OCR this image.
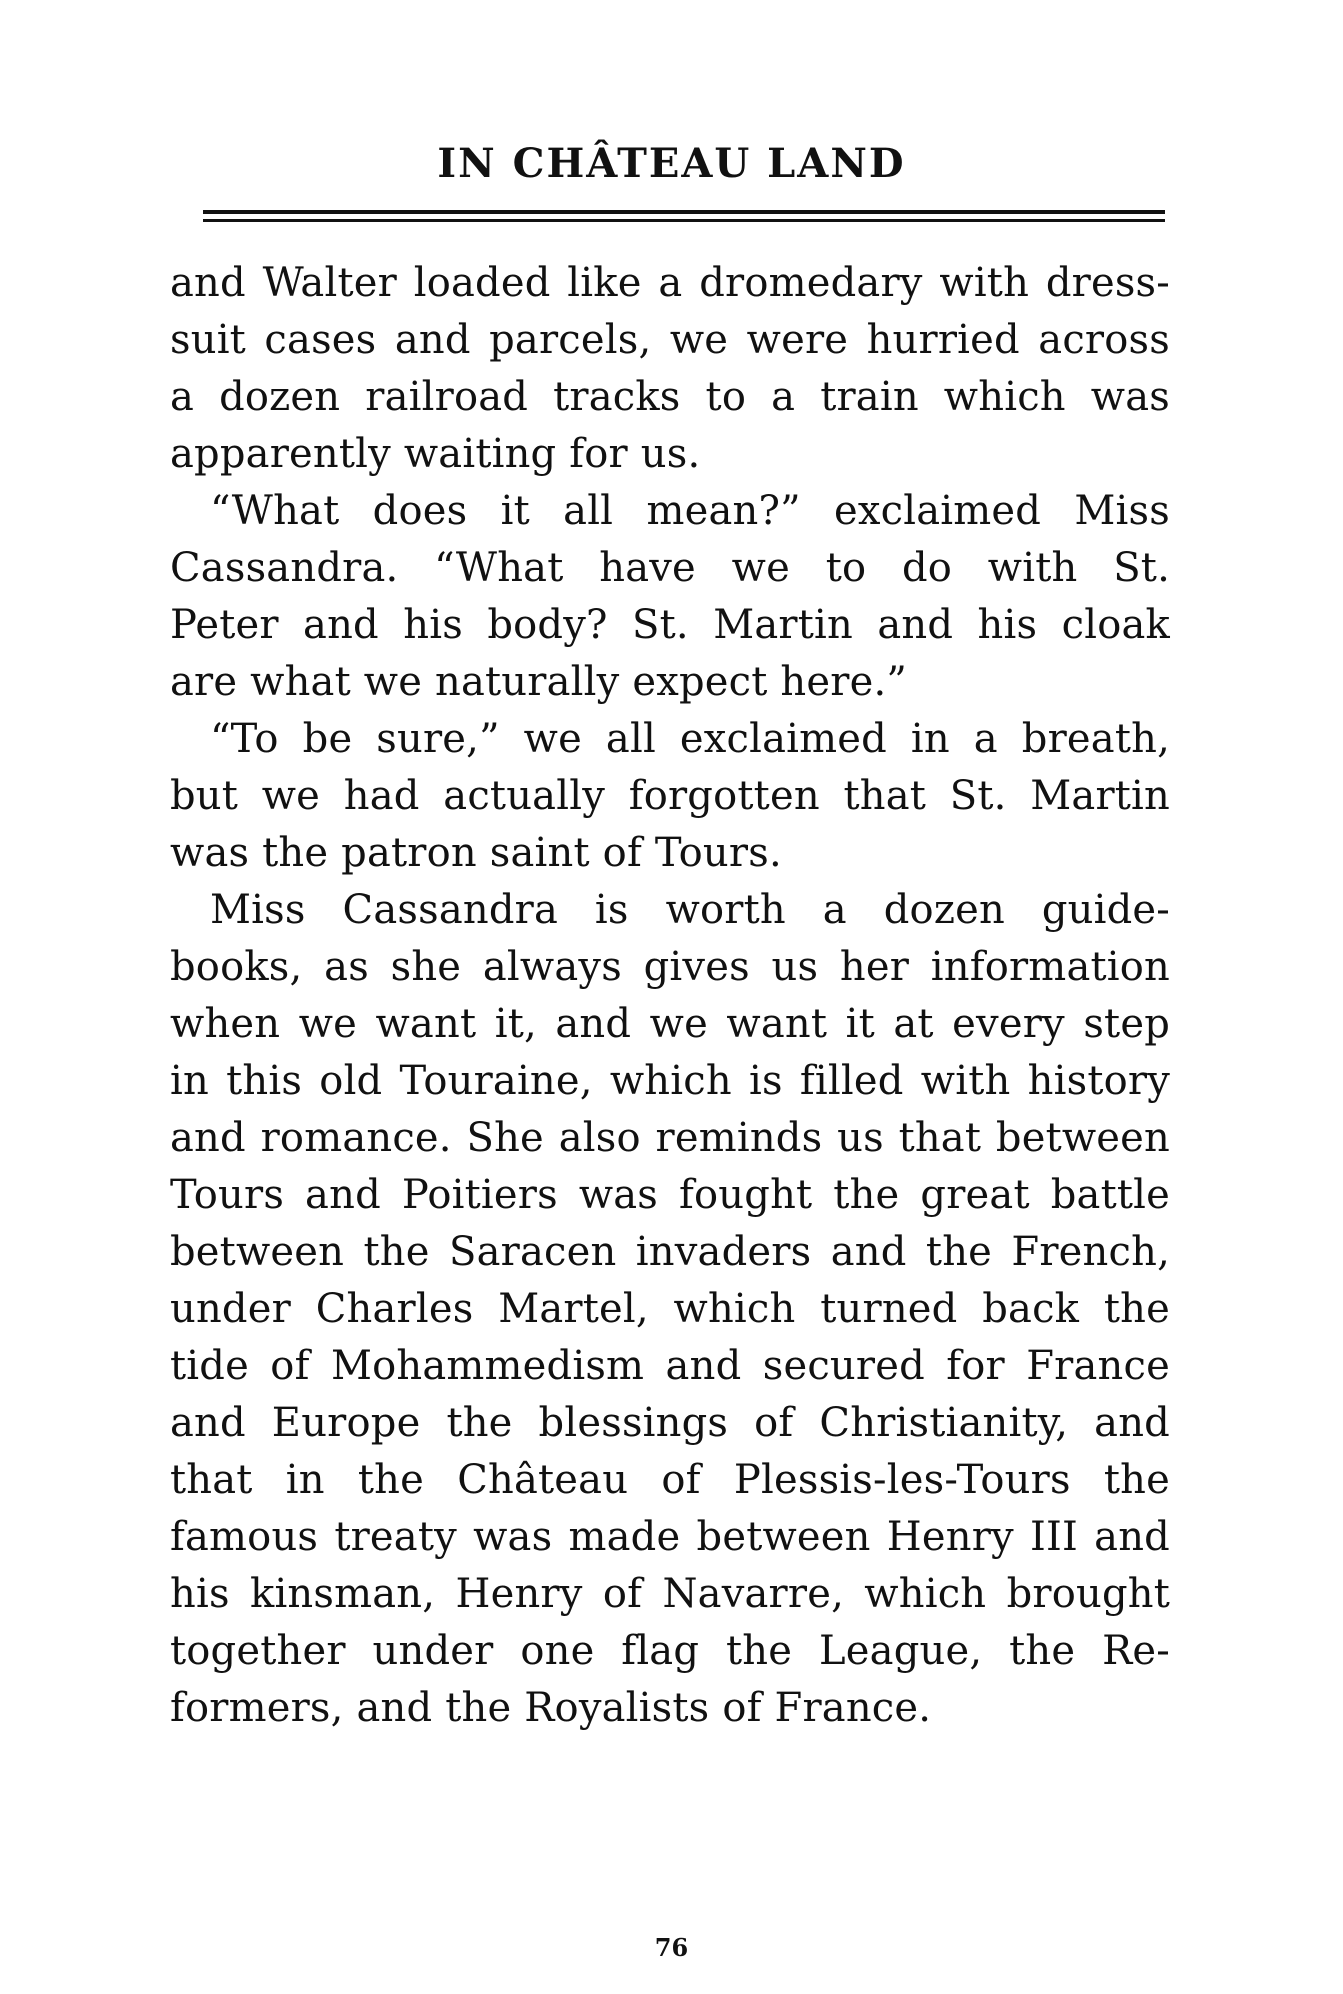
IN CHÂTEAU LAND

and Walter loaded like a dromedary with dress-

suit cases and parcels, we were hurried across

a dozen railroad tracks to a train which was

apparently waiting for us.

“What does it all mean?” exclaimed Miss

Cassandra. “What have we to do with St.

Peter and his body? St. Martin and his cloak

are what we naturally expect here.”

“To be sure,” we all exclaimed in a breath,

but we had actually forgotten that St. Martin

was the patron saint of Tours.

Miss Cassandra is worth a dozen guide-

books, as she always gives us her information

when we want it, and we want it at every step

in this old Touraine, which is filled with history

and romance. She also reminds us that between

Tours and Poitiers was fought the great battle

between the Saracen invaders and the French,

under Charles Martel, which turned back the

tide of Mohammedism and secured for France

and Europe the blessings of Christianity, and

that in the Château of Plessis-les-Tours the

famous treaty was made between Henry III and

his kinsman, Henry of Navarre, which brought

together under one flag the League, the Re-

formers, and the Royalists of France.

76
